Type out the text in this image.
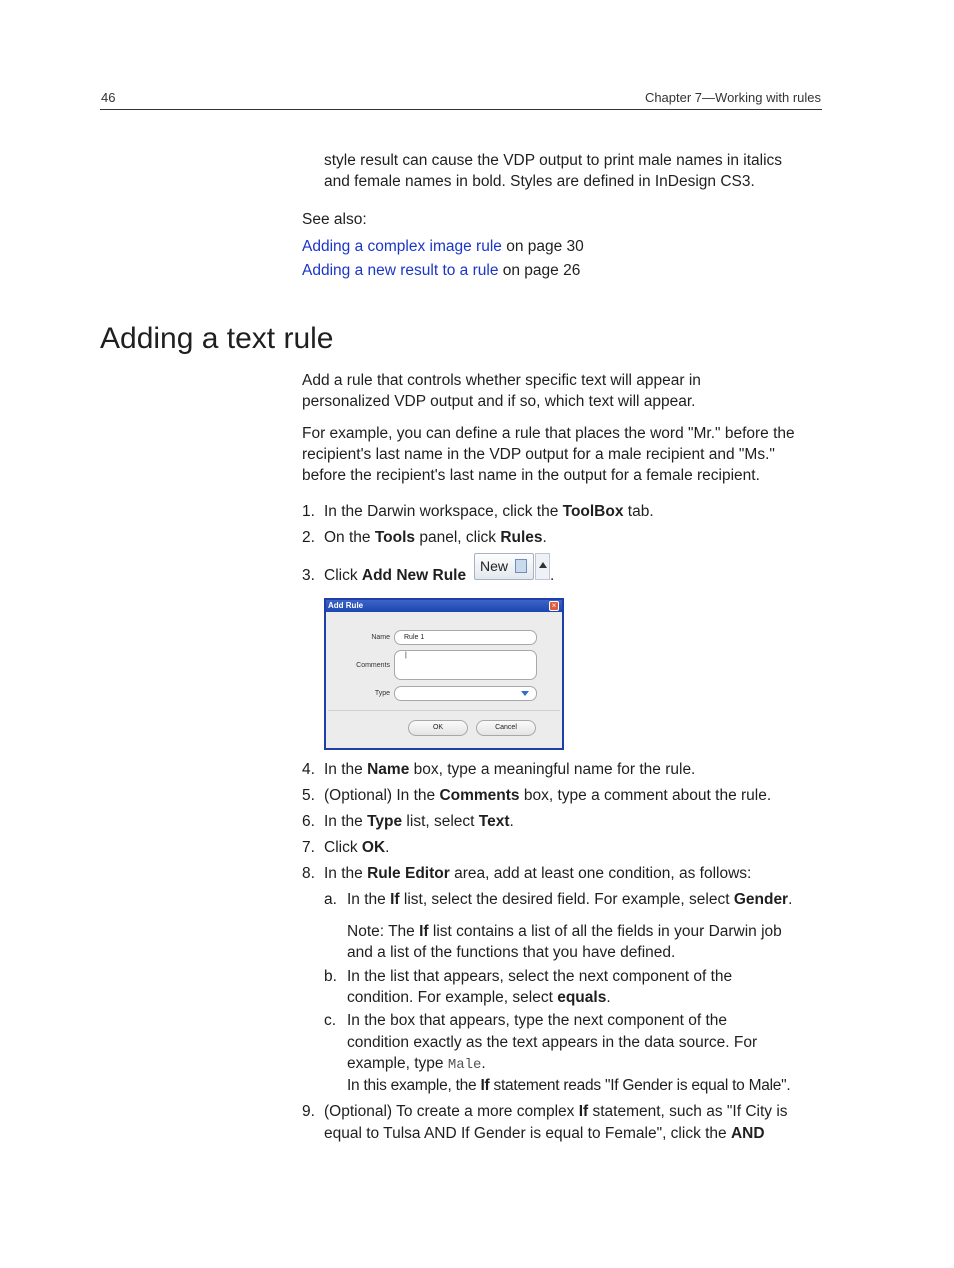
46	Chapter 7—Working with rules
style result can cause the VDP output to print male names in italics
and female names in bold. Styles are defined in InDesign CS3.
See also:
Adding a complex image rule on page 30
Adding a new result to a rule on page 26
Adding a text rule
Add a rule that controls whether specific text will appear in
personalized VDP output and if so, which text will appear.
For example, you can define a rule that places the word "Mr." before the
recipient's last name in the VDP output for a male recipient and "Ms."
before the recipient's last name in the output for a female recipient.
1. In the Darwin workspace, click the ToolBox tab.
2. On the Tools panel, click Rules.
3. Click Add New Rule
New
.
Add Rule	×
Name Rule 1
Comments
|
Type
OK	Cancel
4. In the Name box, type a meaningful name for the rule.
5. (Optional) In the Comments box, type a comment about the rule.
6. In the Type list, select Text.
7. Click OK.
8. In the Rule Editor area, add at least one condition, as follows:
a. In the If list, select the desired field. For example, select Gender.
Note: The If list contains a list of all the fields in your Darwin job
and a list of the functions that you have defined.
b. In the list that appears, select the next component of the
condition. For example, select equals.
c. In the box that appears, type the next component of the
condition exactly as the text appears in the data source. For
example, type Male.
In this example, the If statement reads "If Gender is equal to Male".
9. (Optional) To create a more complex If statement, such as "If City is
equal to Tulsa AND If Gender is equal to Female", click the AND
